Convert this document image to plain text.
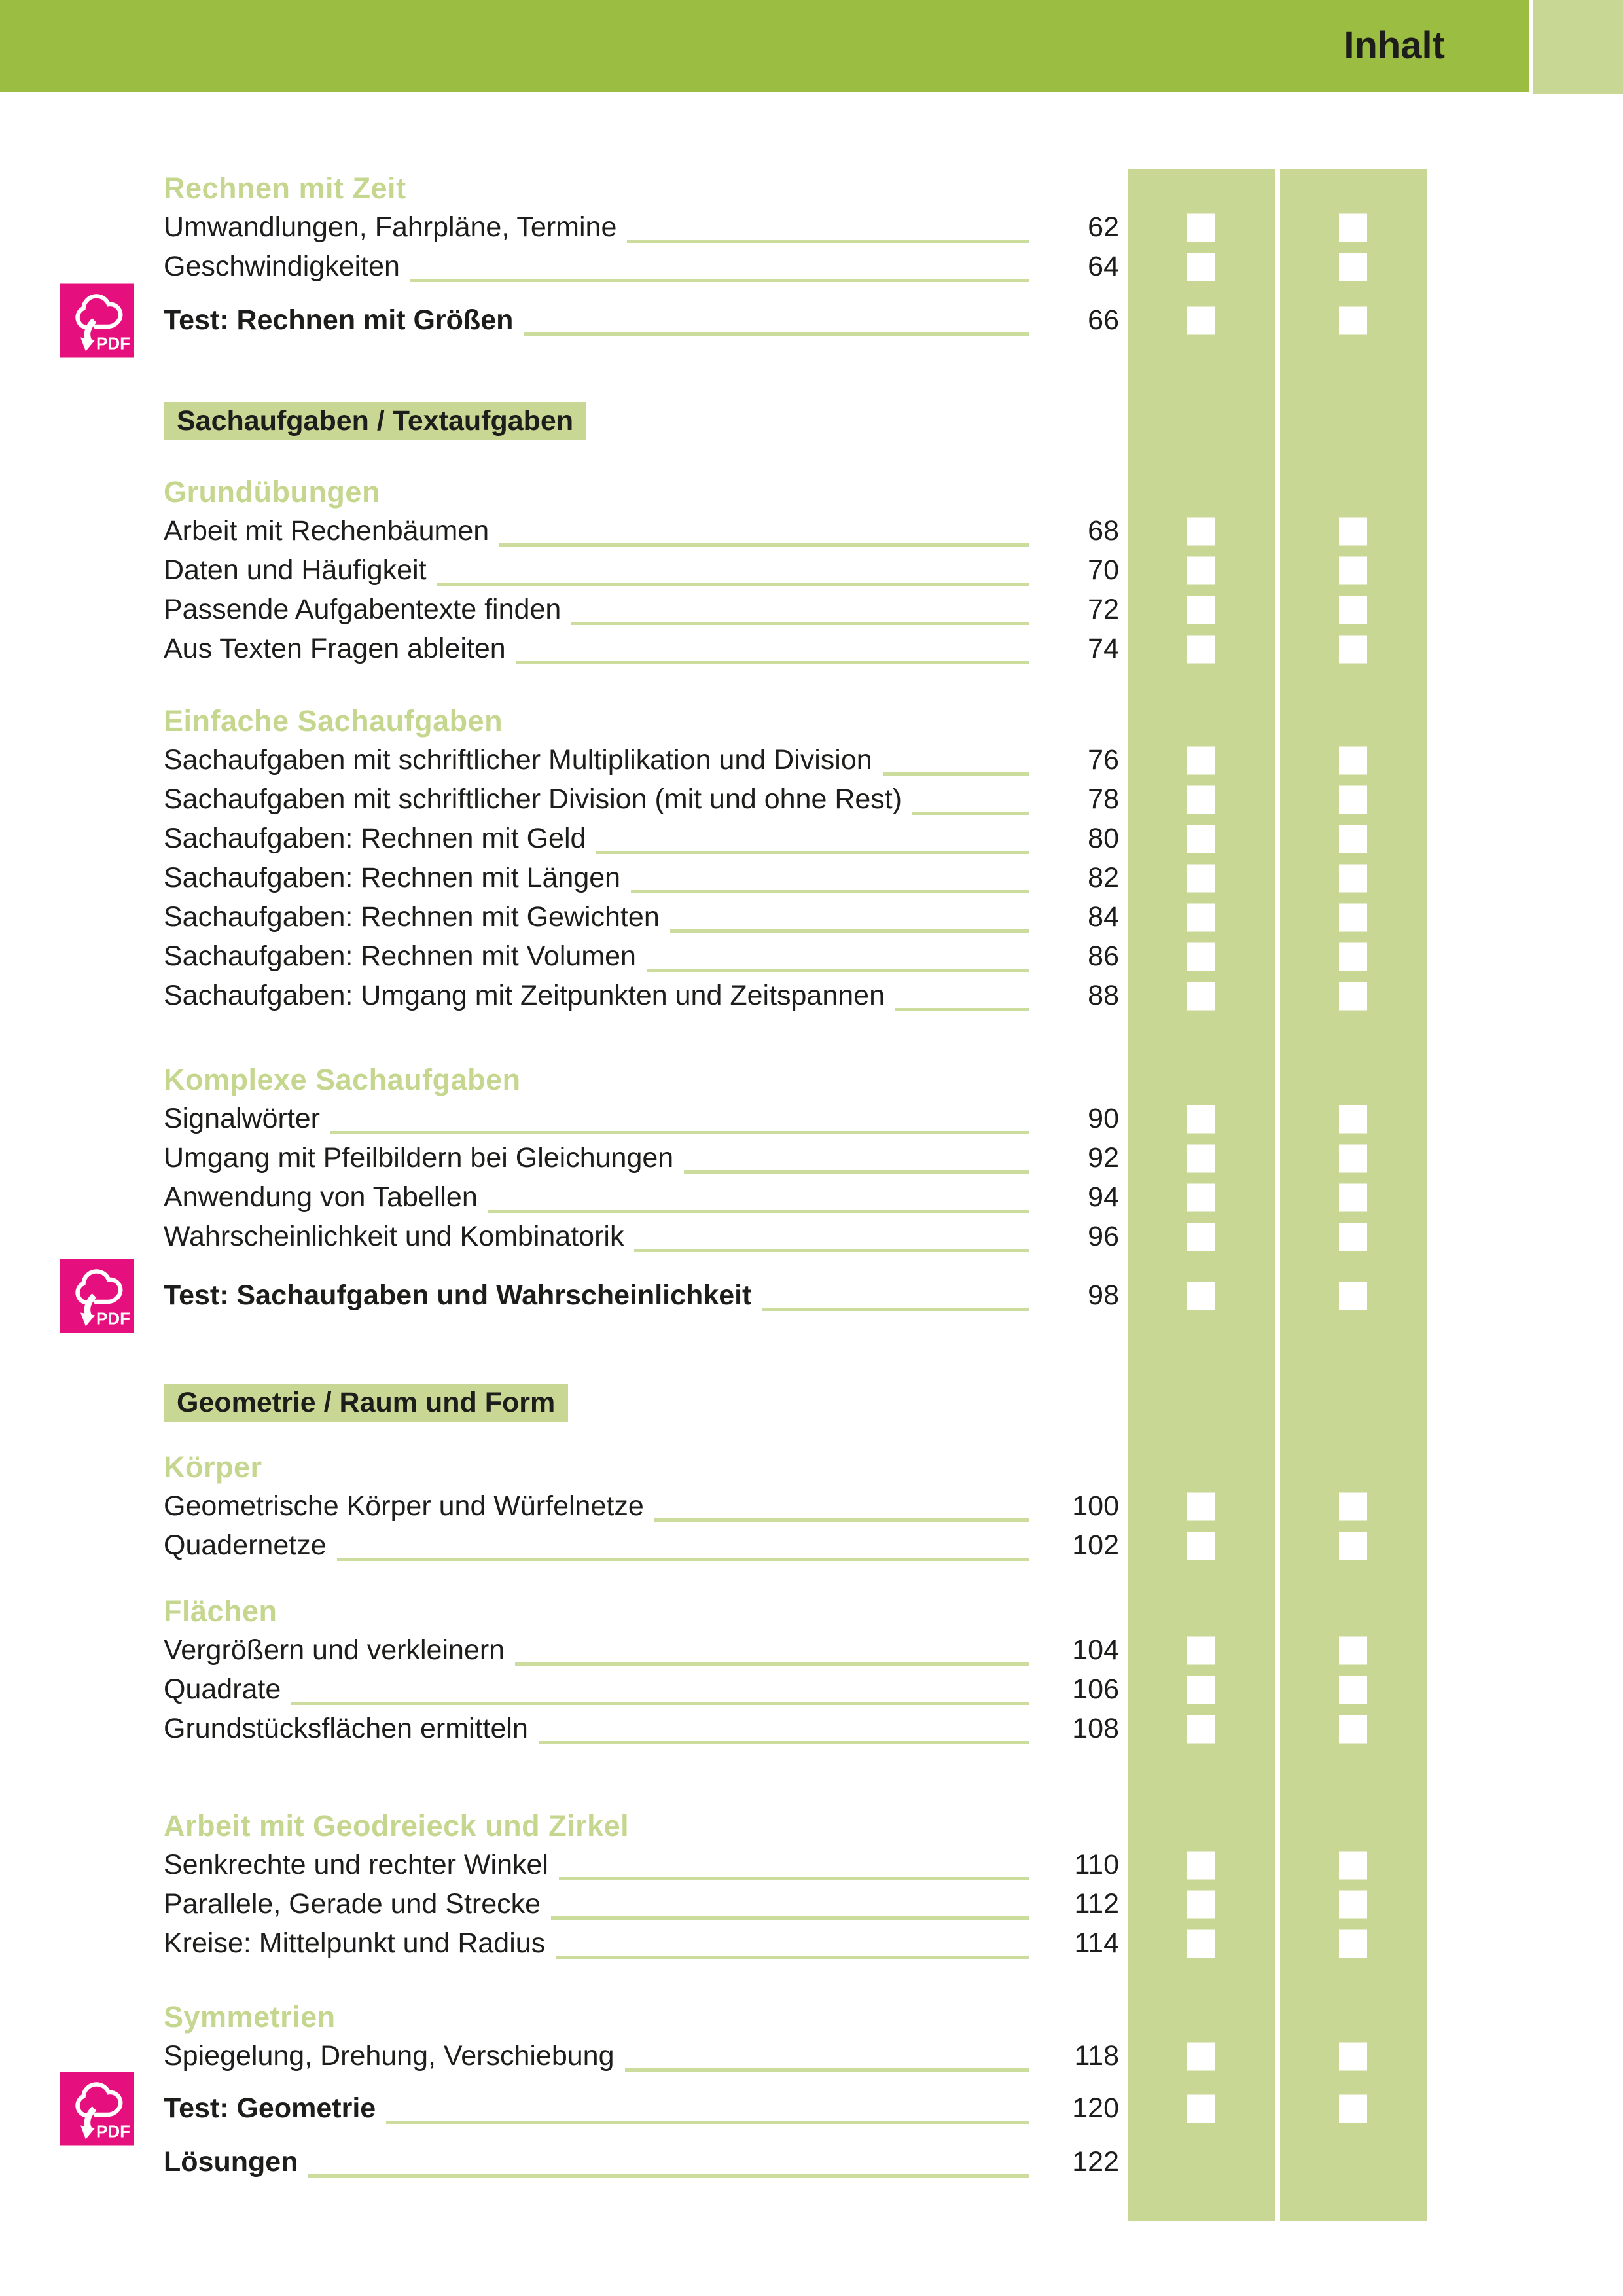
Inhalt
Rechnen mit Zeit
Umwandlungen, Fahrpläne, Termine	62
Geschwindigkeiten	64
PDF
Test: Rechnen mit Größen	66
Sachaufgaben / Textaufgaben
Grundübungen
Arbeit mit Rechenbäumen	68
Daten und Häufigkeit	70
Passende Aufgabentexte finden	72
Aus Texten Fragen ableiten	74
Einfache Sachaufgaben
Sachaufgaben mit schriftlicher Multiplikation und Division	76
Sachaufgaben mit schriftlicher Division (mit und ohne Rest)	78
Sachaufgaben: Rechnen mit Geld	80
Sachaufgaben: Rechnen mit Längen	82
Sachaufgaben: Rechnen mit Gewichten	84
Sachaufgaben: Rechnen mit Volumen	86
Sachaufgaben: Umgang mit Zeitpunkten und Zeitspannen	88
Komplexe Sachaufgaben
Signalwörter	90
Umgang mit Pfeilbildern bei Gleichungen	92
Anwendung von Tabellen	94
Wahrscheinlichkeit und Kombinatorik	96
PDF
Test: Sachaufgaben und Wahrscheinlichkeit	98
Geometrie / Raum und Form
Körper
Geometrische Körper und Würfelnetze	100
Quadernetze	102
Flächen
Vergrößern und verkleinern	104
Quadrate	106
Grundstücksflächen ermitteln	108
Arbeit mit Geodreieck und Zirkel
Senkrechte und rechter Winkel	110
Parallele, Gerade und Strecke	112
Kreise: Mittelpunkt und Radius	114
Symmetrien
Spiegelung, Drehung, Verschiebung	118
PDF
Test: Geometrie	120
Lösungen	122
